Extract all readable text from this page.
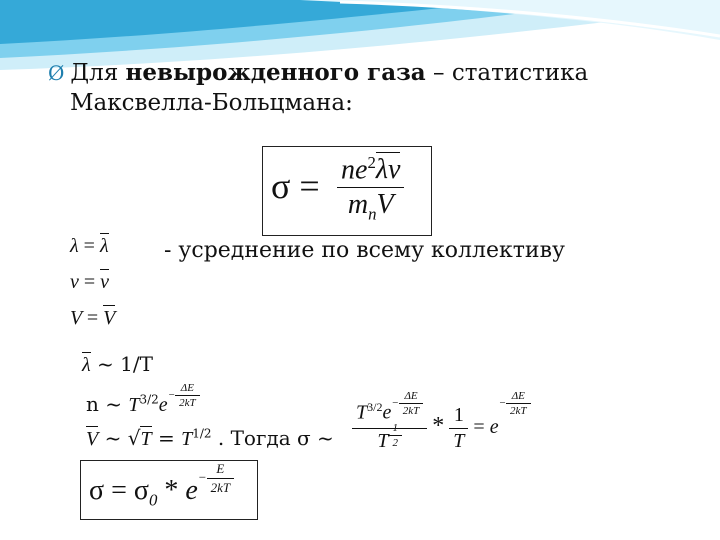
Ø Для невырожденного газа – статистика
Максвелла-Больцмана:
$\sigma = \frac{ne^2\lambda\nu}{m_nV}$
λ = λ
ν = ν
V = V
- усреднение по всему коллективу
λ ~ 1/T
n ~ $T^{3/2}e- \frac{\Delta E}{2kT}$
V ~ $√T = T^{1/2}$ . Тогда σ ~ $\frac{T^{3/2}e- \frac{\Delta E}{2kT}}{T \frac{1}{2}} * \frac{1}{T} = e- \frac{\Delta E}{2kT}$
$\sigma = \sigma_0 * e- \frac{E}{2kT}$
